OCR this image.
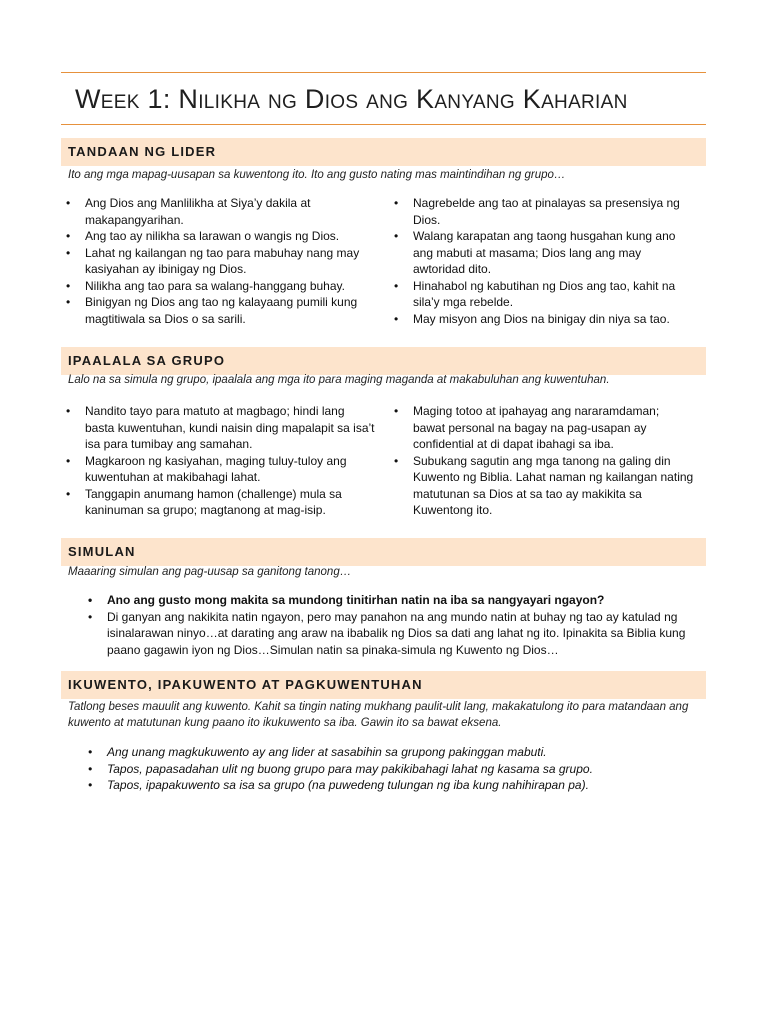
Week 1: Nilikha ng Dios ang Kanyang Kaharian
TANDAAN NG LIDER
Ito ang mga mapag-uusapan sa kuwentong ito. Ito ang gusto nating mas maintindihan ng grupo…
• Ang Dios ang Manlilikha at Siya’y dakila at makapangyarihan.
• Ang tao ay nilikha sa larawan o wangis ng Dios.
• Lahat ng kailangan ng tao para mabuhay nang may kasiyahan ay ibinigay ng Dios.
• Nilikha ang tao para sa walang-hanggang buhay.
• Binigyan ng Dios ang tao ng kalayaang pumili kung magtitiwala sa Dios o sa sarili.
• Nagrebelde ang tao at pinalayas sa presensiya ng Dios.
• Walang karapatan ang taong husgahan kung ano ang mabuti at masama; Dios lang ang may awtoridad dito.
• Hinahabol ng kabutihan ng Dios ang tao, kahit na sila’y mga rebelde.
• May misyon ang Dios na binigay din niya sa tao.
IPAALALA SA GRUPO
Lalo na sa simula ng grupo, ipaalala ang mga ito para maging maganda at makabuluhan ang kuwentuhan.
• Nandito tayo para matuto at magbago; hindi lang basta kuwentuhan, kundi naisin ding mapalapit sa isa’t isa para tumibay ang samahan.
• Magkaroon ng kasiyahan, maging tuluy-tuloy ang kuwentuhan at makibahagi lahat.
• Tanggapin anumang hamon (challenge) mula sa kaninuman sa grupo; magtanong at mag-isip.
• Maging totoo at ipahayag ang nararamdaman; bawat personal na bagay na pag-usapan ay confidential at di dapat ibahagi sa iba.
• Subukang sagutin ang mga tanong na galing din Kuwento ng Biblia. Lahat naman ng kailangan nating matutunan sa Dios at sa tao ay makikita sa Kuwentong ito.
SIMULAN
Maaaring simulan ang pag-uusap sa ganitong tanong…
• Ano ang gusto mong makita sa mundong tinitirhan natin na iba sa nangyayari ngayon?
• Di ganyan ang nakikita natin ngayon, pero may panahon na ang mundo natin at buhay ng tao ay katulad ng isinalarawan ninyo…at darating ang araw na ibabalik ng Dios sa dati ang lahat ng ito. Ipinakita sa Biblia kung paano gagawin iyon ng Dios…Simulan natin sa pinaka-simula ng Kuwento ng Dios…
IKUWENTO, IPAKUWENTO AT PAGKUWENTUHAN
Tatlong beses mauulit ang kuwento. Kahit sa tingin nating mukhang paulit-ulit lang, makakatulong ito para matandaan ang kuwento at matutunan kung paano ito ikukuwento sa iba. Gawin ito sa bawat eksena.
• Ang unang magkukuwento ay ang lider at sasabihin sa grupong pakinggan mabuti.
• Tapos, papasadahan ulit ng buong grupo para may pakikibahagi lahat ng kasama sa grupo.
• Tapos, ipapakuwento sa isa sa grupo (na puwedeng tulungan ng iba kung nahihirapan pa).
